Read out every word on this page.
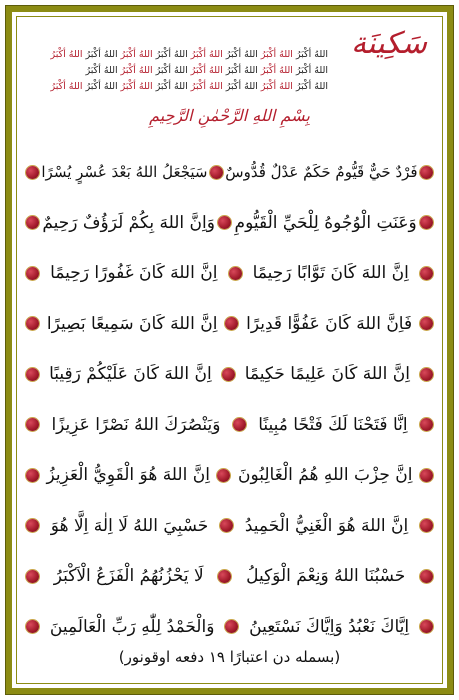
سَكِينَة
اللهُ أكْبَرُاللهُ أكْبَرُاللهُ أكْبَرُاللهُ أكْبَرُاللهُ أكْبَرُاللهُ أكْبَرُاللهُ أكْبَرُاللهُ أكْبَرُ
اللهُ أكْبَرُاللهُ أكْبَرُاللهُ أكْبَرُاللهُ أكْبَرُاللهُ أكْبَرُاللهُ أكْبَرُاللهُ أكْبَرُ
اللهُ أكْبَرُاللهُ أكْبَرُاللهُ أكْبَرُاللهُ أكْبَرُاللهُ أكْبَرُاللهُ أكْبَرُاللهُ أكْبَرُاللهُ أكْبَرُ
بِسْمِ اللهِ الرَّحْمٰنِ الرَّحِيمِ
فَرْدٌ حَيٌّ قَيُّومٌ حَكَمٌ عَدْلٌ قُدُّوسٌ
سَيَجْعَلُ اللهُ بَعْدَ عُسْرٍ يُسْرًا
وَعَنَتِ الْوُجُوهُ لِلْحَيِّ الْقَيُّومِ
وَاِنَّ اللهَ بِكُمْ لَرَؤُفٌ رَحِيمٌ
اِنَّ اللهَ كَانَ تَوَّابًا رَحِيمًا
اِنَّ اللهَ كَانَ غَفُورًا رَحِيمًا
فَاِنَّ اللهَ كَانَ عَفُوًّا قَدِيرًا
اِنَّ اللهَ كَانَ سَمِيعًا بَصِيرًا
اِنَّ اللهَ كَانَ عَلِيمًا حَكِيمًا
اِنَّ اللهَ كَانَ عَلَيْكُمْ رَقِيبًا
اِنَّا فَتَحْنَا لَكَ فَتْحًا مُبِينًا
وَيَنْصُرَكَ اللهُ نَصْرًا عَزِيزًا
اِنَّ حِزْبَ اللهِ هُمُ الْغَالِبُونَ
اِنَّ اللهَ هُوَ الْقَوِيُّ الْعَزِيزُ
اِنَّ اللهَ هُوَ الْغَنِيُّ الْحَمِيدُ
حَسْبِيَ اللهُ لَا اِلٰهَ اِلَّا هُوَ
حَسْبُنَا اللهُ وَنِعْمَ الْوَكِيلُ
لَا يَحْزُنُهُمُ الْفَزَعُ الْاَكْبَرُ
اِيَّاكَ نَعْبُدُ وَاِيَّاكَ نَسْتَعِينُ
وَالْحَمْدُ لِلّٰهِ رَبِّ الْعَالَمِينَ
(بسمله دن اعتبارًا ١٩ دفعه اوقونور)
